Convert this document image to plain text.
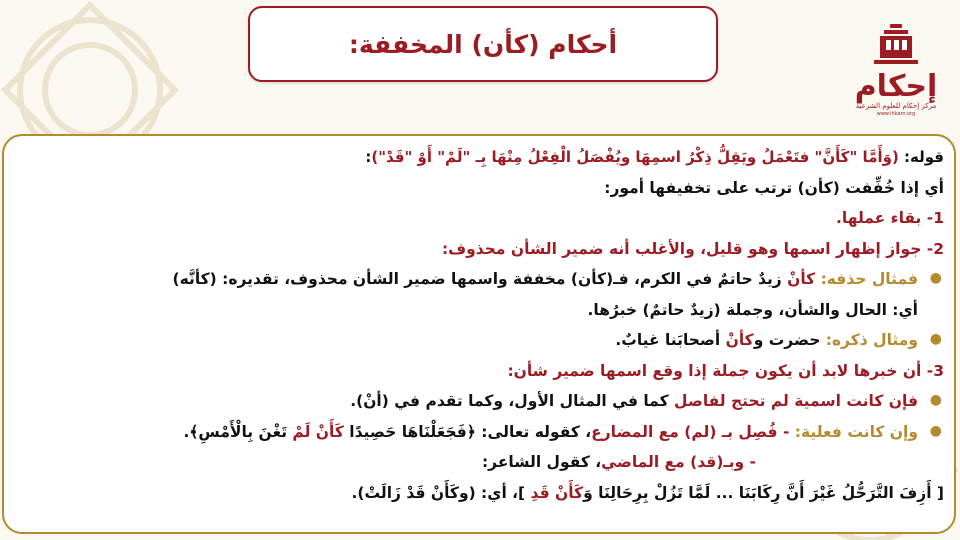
أحكام (كأن) المخففة:
إحكام
مركز إحكام للعلوم الشرعية
www.ihkam.org
قوله: (وَأَمَّا "كَأَنَّ" فتَعْمَلُ ويَقِلُّ ذِكْرُ اسمِهَا ويُفْصَلُ الْفِعْلُ مِنْهَا بِـ "لَمْ" أَوْ "قَدْ"):
أي إذا خُفِّفت (كأن) ترتب على تخفيفها أمور:
1- بقاء عملها.
2- جواز إظهار اسمها وهو قليل، والأغلب أنه ضمير الشأن محذوف:
●
فمثال حذفه: كأنْ زيدٌ حاتمٌ في الكرم، فـ(كأن) مخففة واسمها ضمير الشأن محذوف، تقديره: (كأنَّه)
أي: الحال والشأن، وجملة (زيدٌ حاتمٌ) خبرُها.
●
ومثال ذكره: حضرت وكأنْ أصحابَنا غيابٌ.
3- أن خبرها لابد أن يكون جملة إذا وقع اسمها ضمير شأن:
●
فإن كانت اسمية لم تحتج لفاصل كما في المثال الأول، وكما تقدم في (أنْ).
●
وإن كانت فعلية: - فُصِل بـ (لم) مع المضارع، كقوله تعالى: ﴿فَجَعَلْنَاهَا حَصِيدًا كَأَنْ لَمْ تَغْنَ بِالْأَمْسِ﴾.
- وبـ(قد) مع الماضي، كقول الشاعر:
[ أَزِفَ التَّرَحُّلُ غَيْرَ أَنَّ رِكَابَنَا ... لَمَّا تَزُلْ بِرِحَالِنَا وَكَأَنْ قَدِ ]، أي: (وكَأَنْ قَدْ زَالَتْ).
